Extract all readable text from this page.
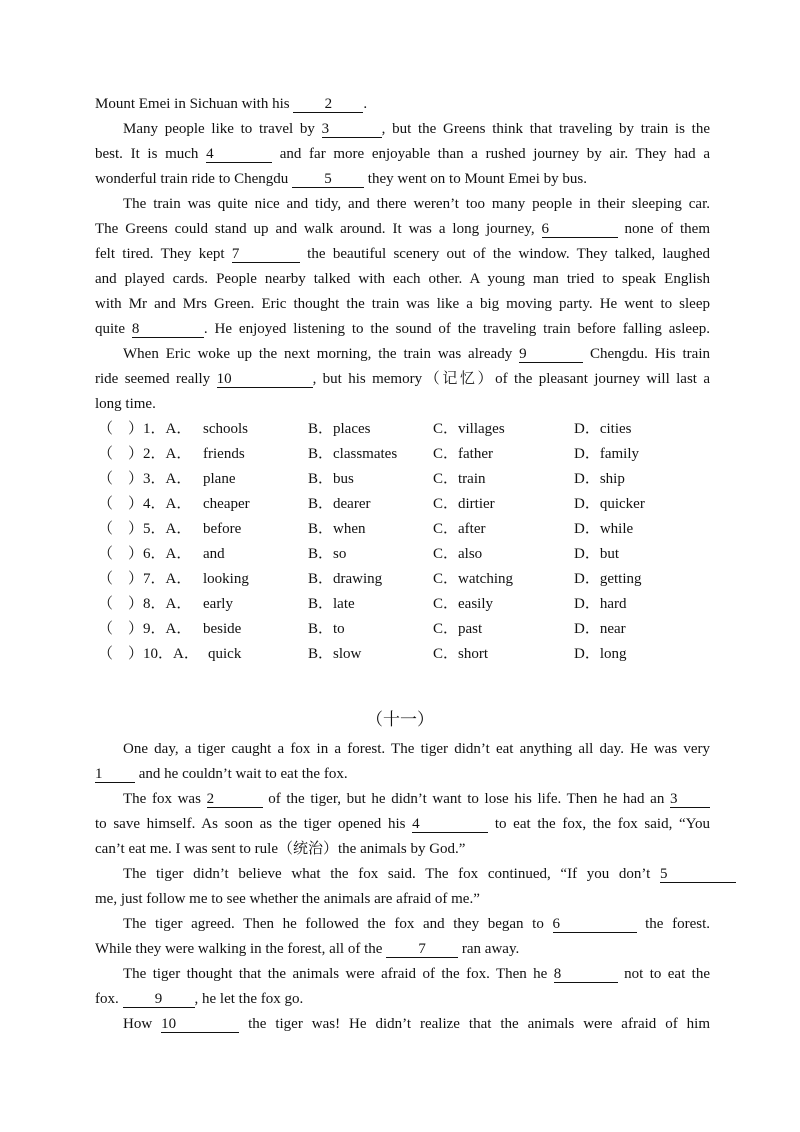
Mount Emei in Sichuan with his 2 .
Many people like to travel by 3	, but the Greens think that traveling by train is the
best. It is much 4	and far more enjoyable than a rushed journey by air. They had a
wonderful train ride to Chengdu 5 they went on to Mount Emei by bus.
The train was quite nice and tidy, and there weren’t too many people in their sleeping car.
The Greens could stand up and walk around. It was a long journey, 6	none of them
felt tired. They kept 7	the beautiful scenery out of the window. They talked, laughed
and played cards. People nearby talked with each other. A young man tried to speak English
with Mr and Mrs Green. Eric thought the train was like a big moving party. He went to sleep
quite 8	. He enjoyed listening to the sound of the traveling train before falling asleep.
When Eric woke up the next morning, the train was already 9	Chengdu. His train
ride seemed really 10	, but his memory（记忆）of the pleasant journey will last a
long time.
（　）1．A． schools	B．places	C．villages	D．cities
（　）2．A． friends	B．classmates C．father	D．family
（　）3．A． plane	B．bus	C．train	D．ship
（　）4．A． cheaper	B．dearer	C．dirtier	D．quicker
（　）5．A． before	B．when	C．after	D．while
（　）6．A． and	B．so	C．also	D．but
（　）7．A． looking	B．drawing	C．watching	D．getting
（　）8．A． early	B．late	C．easily	D．hard
（　）9．A． beside	B．to	C．past	D．near
（　）10．A． quick	B．slow	C．short	D．long
（十一）
One day, a tiger caught a fox in a forest. The tiger didn’t eat anything all day. He was very
1 and he couldn’t wait to eat the fox.
The fox was 2	of the tiger, but he didn’t want to lose his life. Then he had an 3
to save himself. As soon as the tiger opened his 4	to eat the fox, the fox said, “You
can’t eat me. I was sent to rule（统治）the animals by God.”
The tiger didn’t believe what the fox said. The fox continued, “If you don’t 5
me, just follow me to see whether the animals are afraid of me.”
The tiger agreed. Then he followed the fox and they began to 6	the forest.
While they were walking in the forest, all of the 7 ran away.
The tiger thought that the animals were afraid of the fox. Then he 8	not to eat the
fox. 9 , he let the fox go.
How 10	the tiger was! He didn’t realize that the animals were afraid of him
